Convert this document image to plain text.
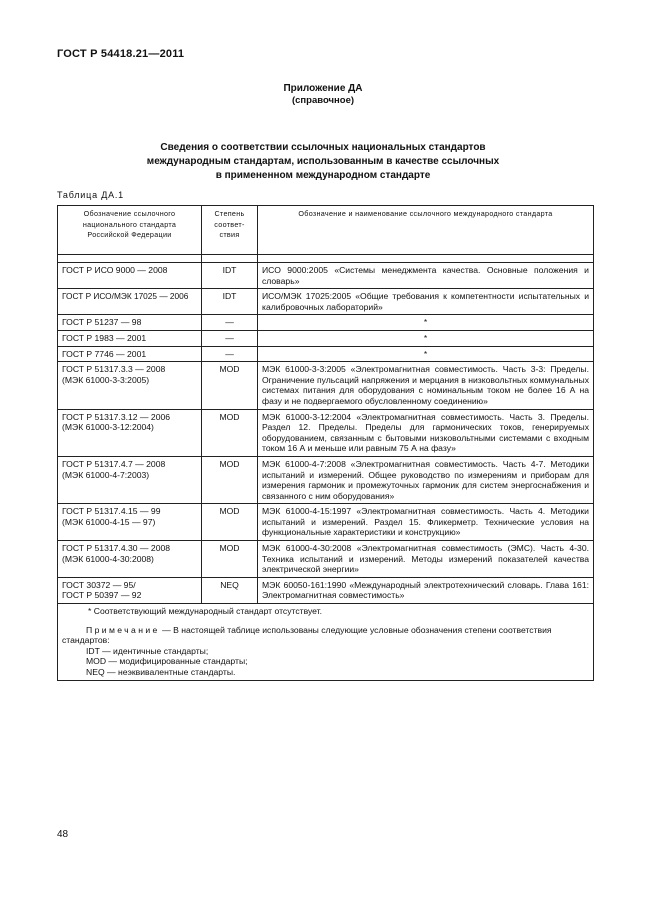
ГОСТ Р 54418.21—2011
Приложение ДА
(справочное)
Сведения о соответствии ссылочных национальных стандартов
международным стандартам, использованным в качестве ссылочных
в примененном международном стандарте
Таблица ДА.1
Обозначение ссылочного национального стандарта Российской Федерации	Степень соответ-ствия	Обозначение и наименование ссылочного международного стандарта

ГОСТ Р ИСО 9000 — 2008	IDT	ИСО 9000:2005 «Системы менеджмента качества. Основные положения и словарь»
ГОСТ Р ИСО/МЭК 17025 — 2006	IDT	ИСО/МЭК 17025:2005 «Общие требования к компетентности испытательных и калибровочных лабораторий»
ГОСТ Р 51237 — 98	—	*
ГОСТ Р 1983 — 2001	—	*
ГОСТ Р 7746 — 2001	—	*

ГОСТ Р 51317.3.3 — 2008
(МЭК 61000-3-3:2005)	MOD	МЭК 61000-3-3:2005 «Электромагнитная совместимость. Часть 3-3: Пределы. Ограничение пульсаций напряжения и мерцания в низковольтных коммунальных системах питания для оборудования с номинальным током не более 16 А на фазу и не подвергаемого обусловленному соединению»

ГОСТ Р 51317.3.12 — 2006
(МЭК 61000-3-12:2004)	MOD	МЭК 61000-3-12:2004 «Электромагнитная совместимость. Часть 3. Пределы. Раздел 12. Пределы. Пределы для гармонических токов, генерируемых оборудованием, связанным с бытовыми низковольтными системами с входным током 16 А и меньше или равным 75 А на фазу»

ГОСТ Р 51317.4.7 — 2008
(МЭК 61000-4-7:2003)	MOD	МЭК 61000-4-7:2008 «Электромагнитная совместимость. Часть 4-7. Методики испытаний и измерений. Общее руководство по измерениям и приборам для измерения гармоник и промежуточных гармоник для систем энергоснабжения и связанного с ним оборудования»

ГОСТ Р 51317.4.15 — 99
(МЭК 61000-4-15 — 97)	MOD	МЭК 61000-4-15:1997 «Электромагнитная совместимость. Часть 4. Методики испытаний и измерений. Раздел 15. Фликерметр. Технические условия на функциональные характеристики и конструкцию»

ГОСТ Р 51317.4.30 — 2008
(МЭК 61000-4-30:2008)	MOD	МЭК 61000-4-30:2008 «Электромагнитная совместимость (ЭМС). Часть 4-30. Техника испытаний и измерений. Методы измерений показателей качества электрической энергии»

ГОСТ 30372 — 95/
ГОСТ Р 50397 — 92	NEQ	МЭК 60050-161:1990 «Международный электротехнический словарь. Глава 161: Электромагнитная совместимость»

* Соответствующий международный стандарт отсутствует.
Примечание — В настоящей таблице использованы следующие условные обозначения степени соответствия стандартов:
IDT — идентичные стандарты;
MOD — модифицированные стандарты;
NEQ — неэквивалентные стандарты.		
48
